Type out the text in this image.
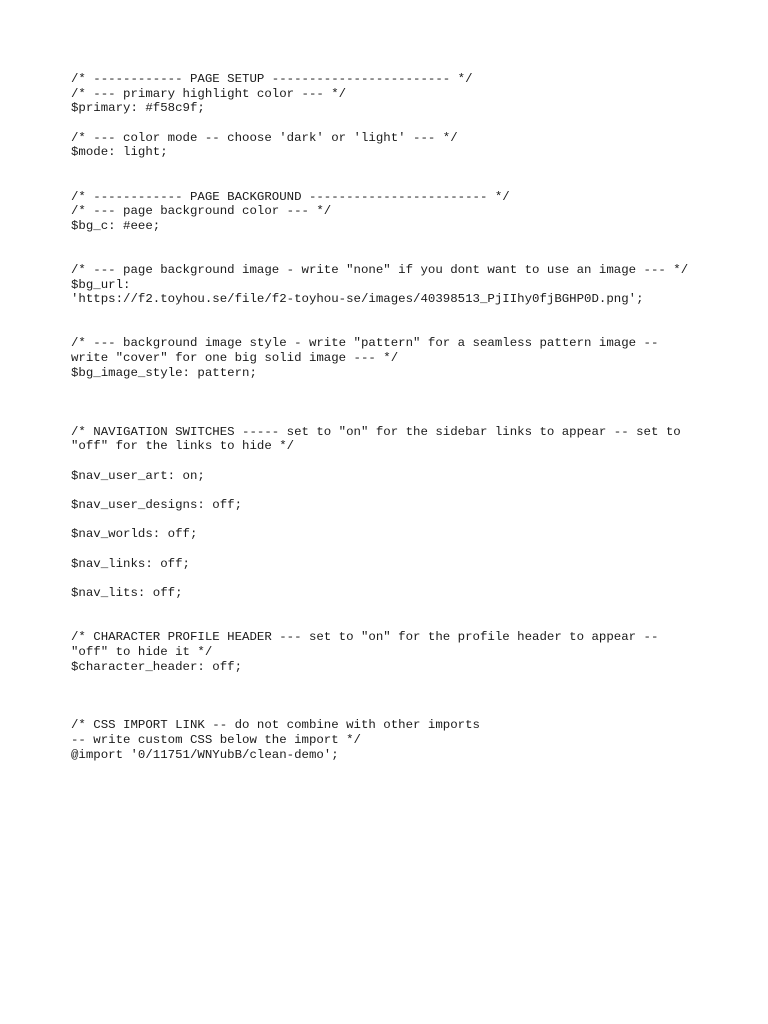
/* ------------ PAGE SETUP ------------------------ */
/* --- primary highlight color --- */
$primary: #f58c9f;
/* --- color mode -- choose 'dark' or 'light' --- */
$mode: light;
/* ------------ PAGE BACKGROUND ------------------------ */
/* --- page background color --- */
$bg_c: #eee;
/* --- page background image - write "none" if you dont want to use an image --- */
$bg_url:
'https://f2.toyhou.se/file/f2-toyhou-se/images/40398513_PjIIhy0fjBGHP0D.png';
/* --- background image style - write "pattern" for a seamless pattern image --
write "cover" for one big solid image --- */
$bg_image_style: pattern;
/* NAVIGATION SWITCHES ----- set to "on" for the sidebar links to appear -- set to
"off" for the links to hide */
$nav_user_art: on;
$nav_user_designs: off;
$nav_worlds: off;
$nav_links: off;
$nav_lits: off;
/* CHARACTER PROFILE HEADER --- set to "on" for the profile header to appear --
"off" to hide it */
$character_header: off;
/* CSS IMPORT LINK -- do not combine with other imports
-- write custom CSS below the import */
@import '0/11751/WNYubB/clean-demo';
